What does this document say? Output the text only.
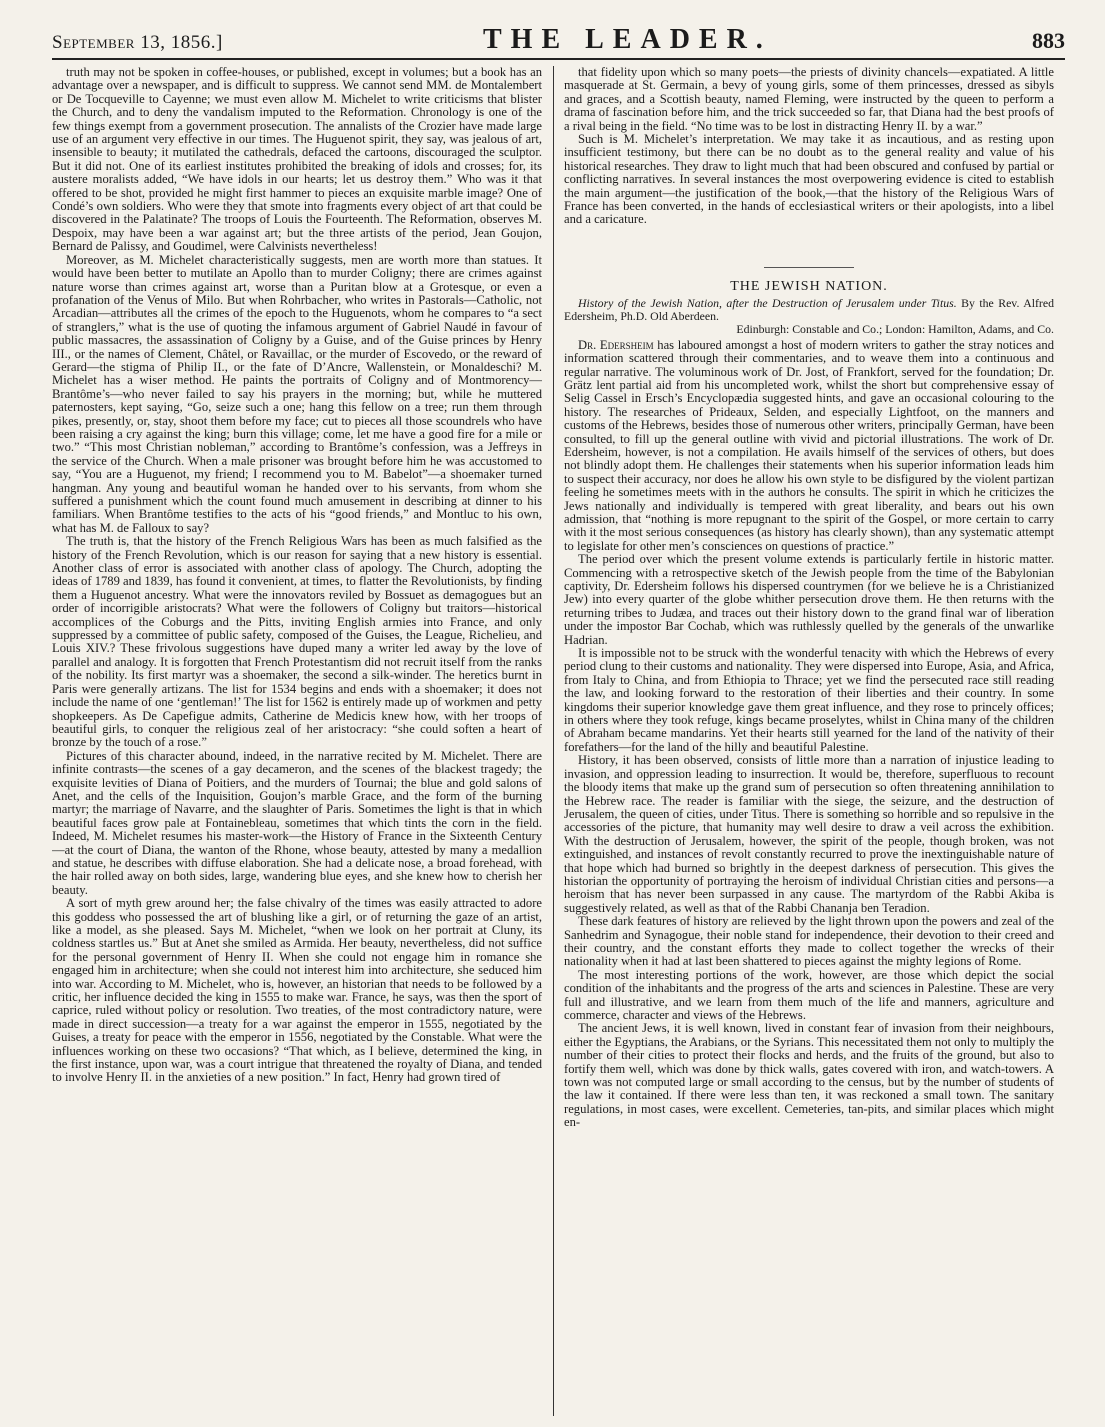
September 13, 1856.]	THE LEADER.	883

truth may not be spoken in coffee-houses, or published, except in volumes; but a book has an advantage over a newspaper, and is difficult to suppress. We cannot send MM. de Montalembert or De Tocqueville to Cayenne; we must even allow M. Michelet to write criticisms that blister the Church, and to deny the vandalism imputed to the Reformation. Chronology is one of the few things exempt from a government prosecution. The annalists of the Crozier have made large use of an argument very effective in our times. The Huguenot spirit, they say, was jealous of art, insensible to beauty; it mutilated the cathedrals, defaced the cartoons, discouraged the sculptor. But it did not. One of its earliest institutes prohibited the breaking of idols and crosses; for, its austere moralists added, “We have idols in our hearts; let us destroy them.” Who was it that offered to be shot, provided he might first hammer to pieces an exquisite marble image? One of Condé’s own soldiers. Who were they that smote into fragments every object of art that could be discovered in the Palatinate? The troops of Louis the Fourteenth. The Reformation, observes M. Despoix, may have been a war against art; but the three artists of the period, Jean Goujon, Bernard de Palissy, and Goudimel, were Calvinists nevertheless!

Moreover, as M. Michelet characteristically suggests, men are worth more than statues. It would have been better to mutilate an Apollo than to murder Coligny; there are crimes against nature worse than crimes against art, worse than a Puritan blow at a Grotesque, or even a profanation of the Venus of Milo. But when Rohrbacher, who writes in Pastorals—Catholic, not Arcadian—attributes all the crimes of the epoch to the Huguenots, whom he compares to “a sect of stranglers,” what is the use of quoting the infamous argument of Gabriel Naudé in favour of public massacres, the assassination of Coligny by a Guise, and of the Guise princes by Henry III., or the names of Clement, Châtel, or Ravaillac, or the murder of Escovedo, or the reward of Gerard—the stigma of Philip II., or the fate of D’Ancre, Wallenstein, or Monaldeschi? M. Michelet has a wiser method. He paints the portraits of Coligny and of Montmorency—Brantôme’s—who never failed to say his prayers in the morning; but, while he muttered paternosters, kept saying, “Go, seize such a one; hang this fellow on a tree; run them through pikes, presently, or, stay, shoot them before my face; cut to pieces all those scoundrels who have been raising a cry against the king; burn this village; come, let me have a good fire for a mile or two.” “This most Christian nobleman,” according to Brantôme’s confession, was a Jeffreys in the service of the Church. When a male prisoner was brought before him he was accustomed to say, “You are a Huguenot, my friend; I recommend you to M. Babelot”—a shoemaker turned hangman. Any young and beautiful woman he handed over to his servants, from whom she suffered a punishment which the count found much amusement in describing at dinner to his familiars. When Brantôme testifies to the acts of his “good friends,” and Montluc to his own, what has M. de Falloux to say?

The truth is, that the history of the French Religious Wars has been as much falsified as the history of the French Revolution, which is our reason for saying that a new history is essential. Another class of error is associated with another class of apology. The Church, adopting the ideas of 1789 and 1839, has found it convenient, at times, to flatter the Revolutionists, by finding them a Huguenot ancestry. What were the innovators reviled by Bossuet as demagogues but an order of incorrigible aristocrats? What were the followers of Coligny but traitors—historical accomplices of the Coburgs and the Pitts, inviting English armies into France, and only suppressed by a committee of public safety, composed of the Guises, the League, Richelieu, and Louis XIV.? These frivolous suggestions have duped many a writer led away by the love of parallel and analogy. It is forgotten that French Protestantism did not recruit itself from the ranks of the nobility. Its first martyr was a shoemaker, the second a silk-winder. The heretics burnt in Paris were generally artizans. The list for 1534 begins and ends with a shoemaker; it does not include the name of one ‘gentleman!’ The list for 1562 is entirely made up of workmen and petty shopkeepers. As De Capefigue admits, Catherine de Medicis knew how, with her troops of beautiful girls, to conquer the religious zeal of her aristocracy: “she could soften a heart of bronze by the touch of a rose.”

Pictures of this character abound, indeed, in the narrative recited by M. Michelet. There are infinite contrasts—the scenes of a gay decameron, and the scenes of the blackest tragedy; the exquisite levities of Diana of Poitiers, and the murders of Tournai; the blue and gold salons of Anet, and the cells of the Inquisition, Goujon’s marble Grace, and the form of the burning martyr; the marriage of Navarre, and the slaughter of Paris. Sometimes the light is that in which beautiful faces grow pale at Fontainebleau, sometimes that which tints the corn in the field. Indeed, M. Michelet resumes his master-work—the History of France in the Sixteenth Century—at the court of Diana, the wanton of the Rhone, whose beauty, attested by many a medallion and statue, he describes with diffuse elaboration. She had a delicate nose, a broad forehead, with the hair rolled away on both sides, large, wandering blue eyes, and she knew how to cherish her beauty.

A sort of myth grew around her; the false chivalry of the times was easily attracted to adore this goddess who possessed the art of blushing like a girl, or of returning the gaze of an artist, like a model, as she pleased. Says M. Michelet, “when we look on her portrait at Cluny, its coldness startles us.” But at Anet she smiled as Armida. Her beauty, nevertheless, did not suffice for the personal government of Henry II. When she could not engage him in romance she engaged him in architecture; when she could not interest him into architecture, she seduced him into war. According to M. Michelet, who is, however, an historian that needs to be followed by a critic, her influence decided the king in 1555 to make war. France, he says, was then the sport of caprice, ruled without policy or resolution. Two treaties, of the most contradictory nature, were made in direct succession—a treaty for a war against the emperor in 1555, negotiated by the Guises, a treaty for peace with the emperor in 1556, negotiated by the Constable. What were the influences working on these two occasions? “That which, as I believe, determined the king, in the first instance, upon war, was a court intrigue that threatened the royalty of Diana, and tended to involve Henry II. in the anxieties of a new position.” In fact, Henry had grown tired of

that fidelity upon which so many poets—the priests of divinity chancels—expatiated. A little masquerade at St. Germain, a bevy of young girls, some of them princesses, dressed as sibyls and graces, and a Scottish beauty, named Fleming, were instructed by the queen to perform a drama of fascination before him, and the trick succeeded so far, that Diana had the best proofs of a rival being in the field. “No time was to be lost in distracting Henry II. by a war.”

Such is M. Michelet’s interpretation. We may take it as incautious, and as resting upon insufficient testimony, but there can be no doubt as to the general reality and value of his historical researches. They draw to light much that had been obscured and confused by partial or conflicting narratives. In several instances the most overpowering evidence is cited to establish the main argument—the justification of the book,—that the history of the Religious Wars of France has been converted, in the hands of ecclesiastical writers or their apologists, into a libel and a caricature.

THE JEWISH NATION.

History of the Jewish Nation, after the Destruction of Jerusalem under Titus. By the Rev. Alfred Edersheim, Ph.D. Old Aberdeen.

Edinburgh: Constable and Co.; London: Hamilton, Adams, and Co.

Dr. Edersheim has laboured amongst a host of modern writers to gather the stray notices and information scattered through their commentaries, and to weave them into a continuous and regular narrative. The voluminous work of Dr. Jost, of Frankfort, served for the foundation; Dr. Grätz lent partial aid from his uncompleted work, whilst the short but comprehensive essay of Selig Cassel in Ersch’s Encyclopædia suggested hints, and gave an occasional colouring to the history. The researches of Prideaux, Selden, and especially Lightfoot, on the manners and customs of the Hebrews, besides those of numerous other writers, principally German, have been consulted, to fill up the general outline with vivid and pictorial illustrations. The work of Dr. Edersheim, however, is not a compilation. He avails himself of the services of others, but does not blindly adopt them. He challenges their statements when his superior information leads him to suspect their accuracy, nor does he allow his own style to be disfigured by the violent partizan feeling he sometimes meets with in the authors he consults. The spirit in which he criticizes the Jews nationally and individually is tempered with great liberality, and bears out his own admission, that “nothing is more repugnant to the spirit of the Gospel, or more certain to carry with it the most serious consequences (as history has clearly shown), than any systematic attempt to legislate for other men’s consciences on questions of practice.”

The period over which the present volume extends is particularly fertile in historic matter. Commencing with a retrospective sketch of the Jewish people from the time of the Babylonian captivity, Dr. Edersheim follows his dispersed countrymen (for we believe he is a Christianized Jew) into every quarter of the globe whither persecution drove them. He then returns with the returning tribes to Judæa, and traces out their history down to the grand final war of liberation under the impostor Bar Cochab, which was ruthlessly quelled by the generals of the unwarlike Hadrian.

It is impossible not to be struck with the wonderful tenacity with which the Hebrews of every period clung to their customs and nationality. They were dispersed into Europe, Asia, and Africa, from Italy to China, and from Ethiopia to Thrace; yet we find the persecuted race still reading the law, and looking forward to the restoration of their liberties and their country. In some kingdoms their superior knowledge gave them great influence, and they rose to princely offices; in others where they took refuge, kings became proselytes, whilst in China many of the children of Abraham became mandarins. Yet their hearts still yearned for the land of the nativity of their forefathers—for the land of the hilly and beautiful Palestine.

History, it has been observed, consists of little more than a narration of injustice leading to invasion, and oppression leading to insurrection. It would be, therefore, superfluous to recount the bloody items that make up the grand sum of persecution so often threatening annihilation to the Hebrew race. The reader is familiar with the siege, the seizure, and the destruction of Jerusalem, the queen of cities, under Titus. There is something so horrible and so repulsive in the accessories of the picture, that humanity may well desire to draw a veil across the exhibition. With the destruction of Jerusalem, however, the spirit of the people, though broken, was not extinguished, and instances of revolt constantly recurred to prove the inextinguishable nature of that hope which had burned so brightly in the deepest darkness of persecution. This gives the historian the opportunity of portraying the heroism of individual Christian cities and persons—a heroism that has never been surpassed in any cause. The martyrdom of the Rabbi Akiba is suggestively related, as well as that of the Rabbi Chananja ben Teradion.

These dark features of history are relieved by the light thrown upon the powers and zeal of the Sanhedrim and Synagogue, their noble stand for independence, their devotion to their creed and their country, and the constant efforts they made to collect together the wrecks of their nationality when it had at last been shattered to pieces against the mighty legions of Rome.

The most interesting portions of the work, however, are those which depict the social condition of the inhabitants and the progress of the arts and sciences in Palestine. These are very full and illustrative, and we learn from them much of the life and manners, agriculture and commerce, character and views of the Hebrews.

The ancient Jews, it is well known, lived in constant fear of invasion from their neighbours, either the Egyptians, the Arabians, or the Syrians. This necessitated them not only to multiply the number of their cities to protect their flocks and herds, and the fruits of the ground, but also to fortify them well, which was done by thick walls, gates covered with iron, and watch-towers. A town was not computed large or small according to the census, but by the number of students of the law it contained. If there were less than ten, it was reckoned a small town. The sanitary regulations, in most cases, were excellent. Cemeteries, tan-pits, and similar places which might en-
